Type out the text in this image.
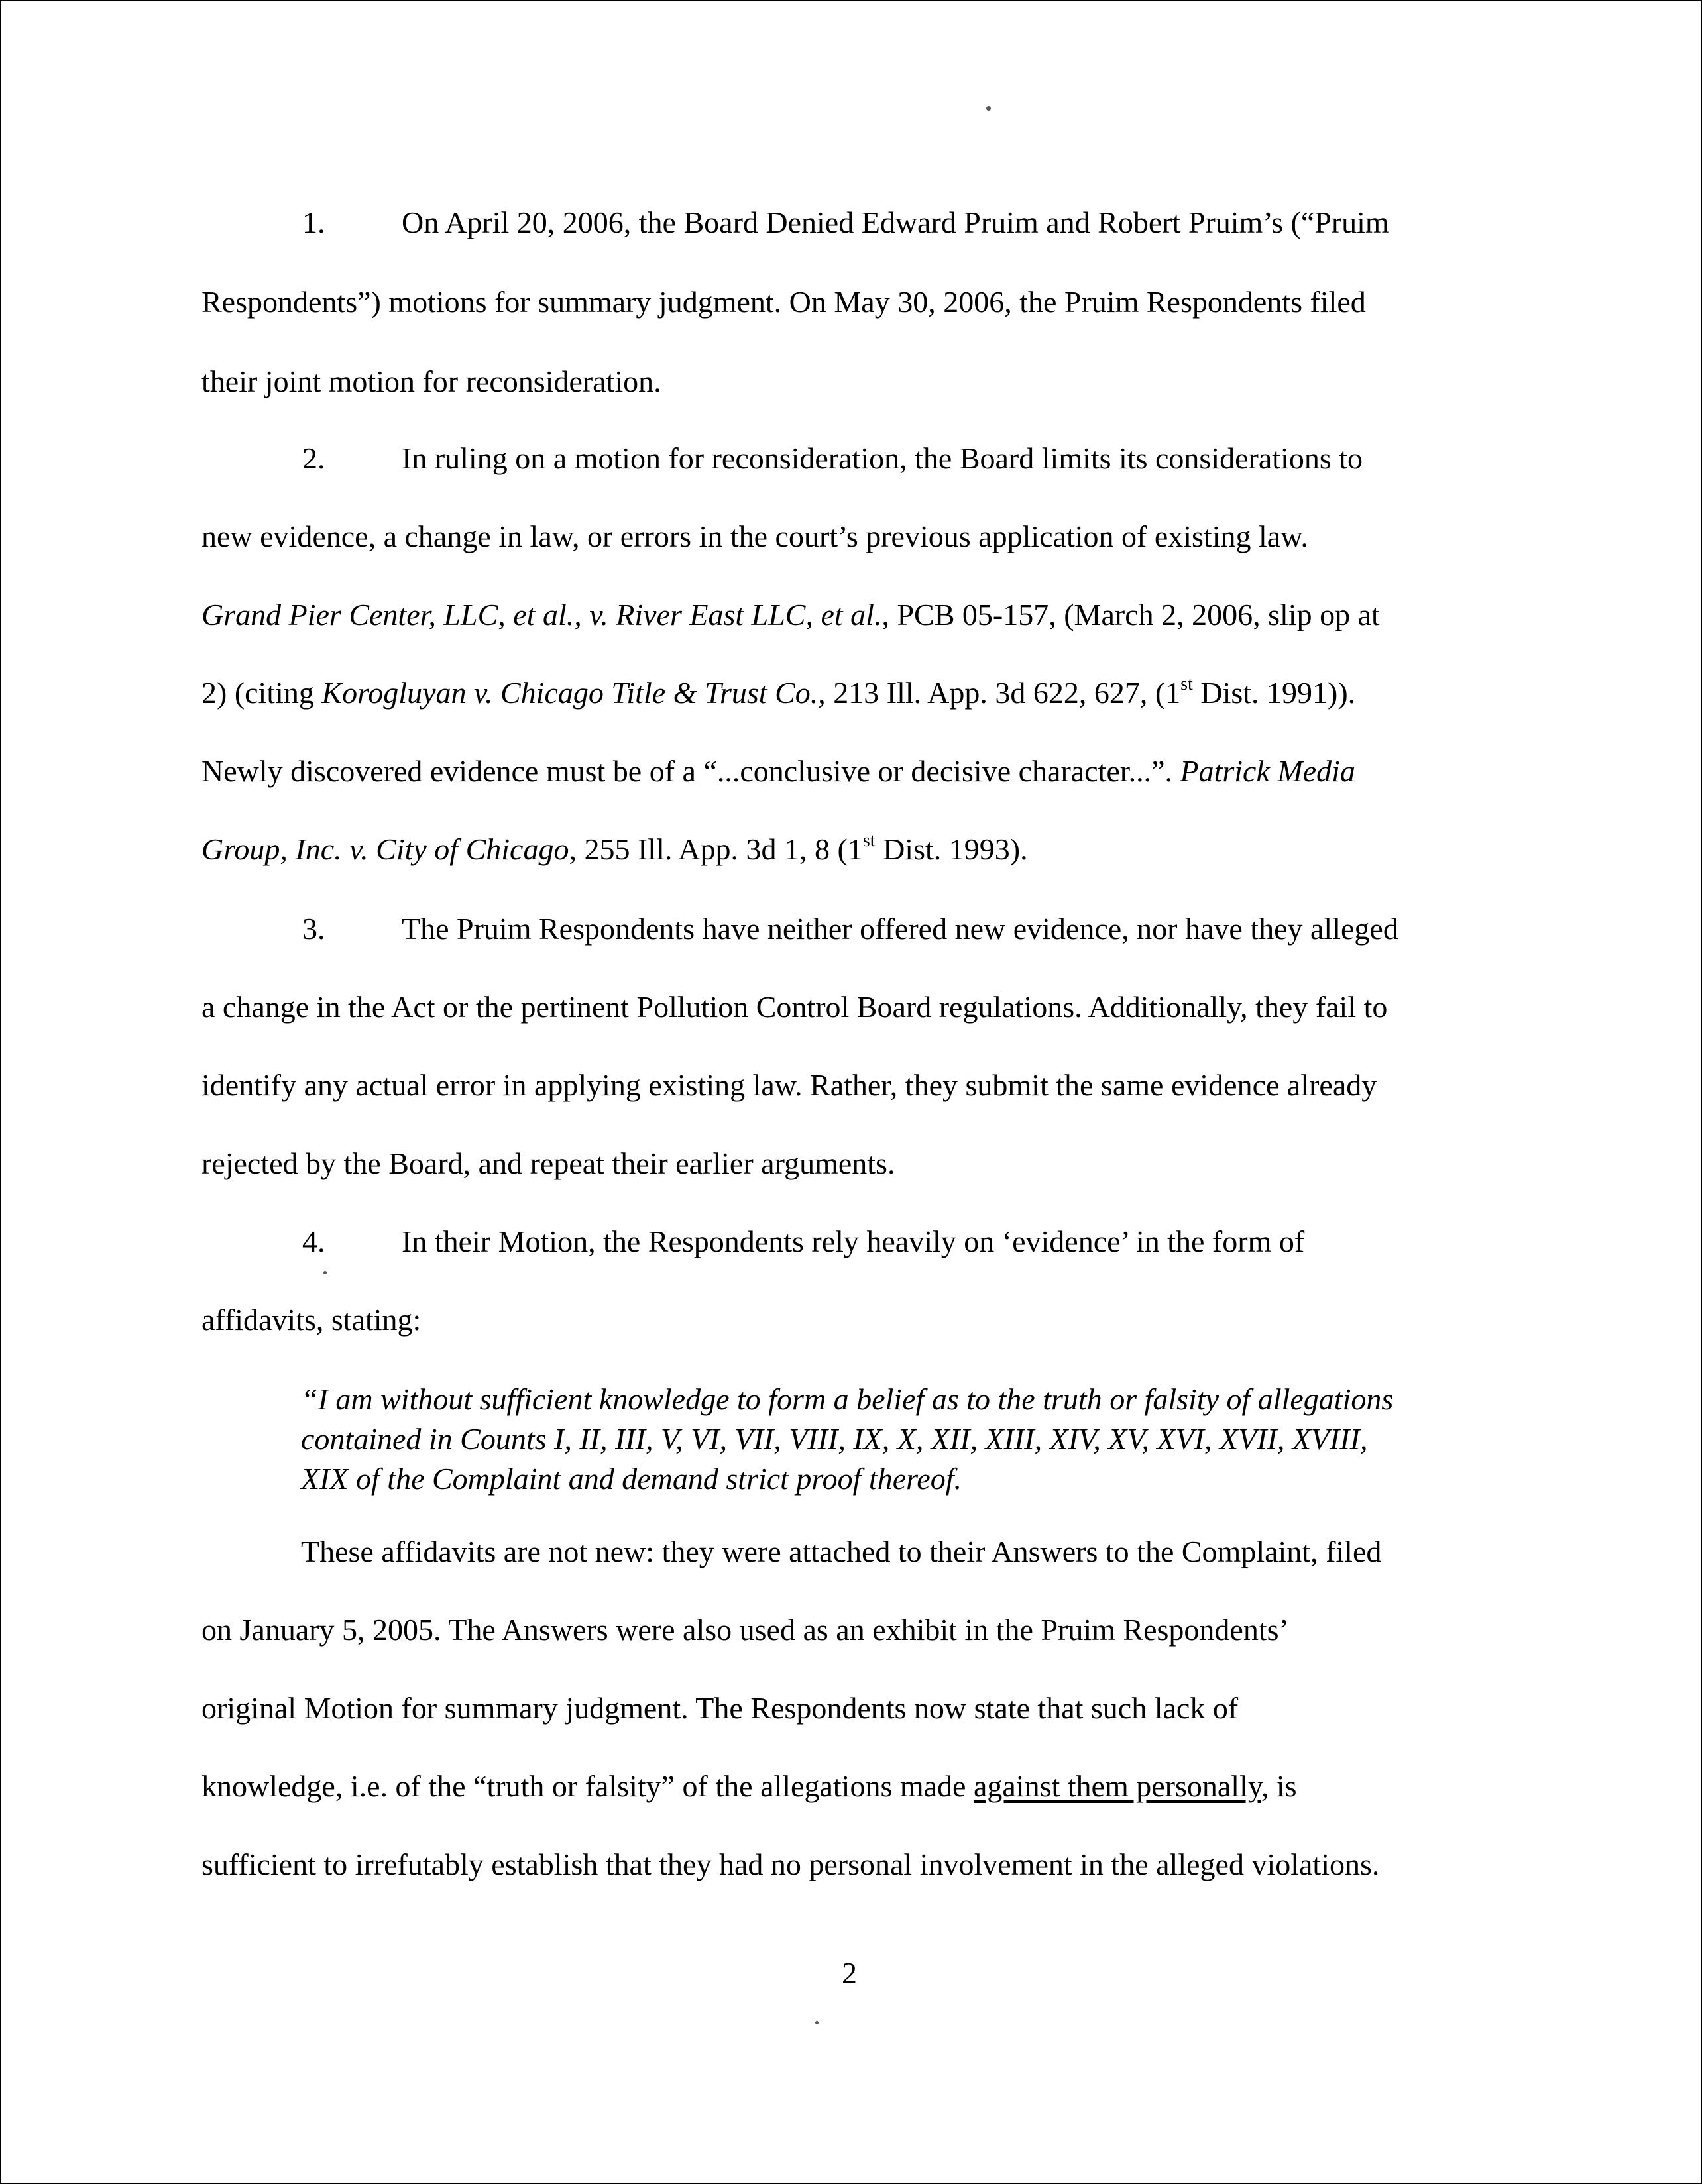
1.	On April 20, 2006, the Board Denied Edward Pruim and Robert Pruim’s (“Pruim
Respondents”) motions for summary judgment. On May 30, 2006, the Pruim Respondents filed
their joint motion for reconsideration.
2.	In ruling on a motion for reconsideration, the Board limits its considerations to
new evidence, a change in law, or errors in the court’s previous application of existing law.
Grand Pier Center, LLC, et al., v. River East LLC, et al., PCB 05-157, (March 2, 2006, slip op at
2) (citing Korogluyan v. Chicago Title & Trust Co., 213 Ill. App. 3d 622, 627, (1st Dist. 1991)).
Newly discovered evidence must be of a “...conclusive or decisive character...”. Patrick Media
Group, Inc. v. City of Chicago, 255 Ill. App. 3d 1, 8 (1st Dist. 1993).
3.	The Pruim Respondents have neither offered new evidence, nor have they alleged
a change in the Act or the pertinent Pollution Control Board regulations. Additionally, they fail to
identify any actual error in applying existing law. Rather, they submit the same evidence already
rejected by the Board, and repeat their earlier arguments.
4.	In their Motion, the Respondents rely heavily on ‘evidence’ in the form of
affidavits, stating:
“I am without sufficient knowledge to form a belief as to the truth or falsity of allegations
contained in Counts I, II, III, V, VI, VII, VIII, IX, X, XII, XIII, XIV, XV, XVI, XVII, XVIII,
XIX of the Complaint and demand strict proof thereof.
These affidavits are not new: they were attached to their Answers to the Complaint, filed
on January 5, 2005. The Answers were also used as an exhibit in the Pruim Respondents’
original Motion for summary judgment. The Respondents now state that such lack of
knowledge, i.e. of the “truth or falsity” of the allegations made against them personally, is
sufficient to irrefutably establish that they had no personal involvement in the alleged violations.
2
